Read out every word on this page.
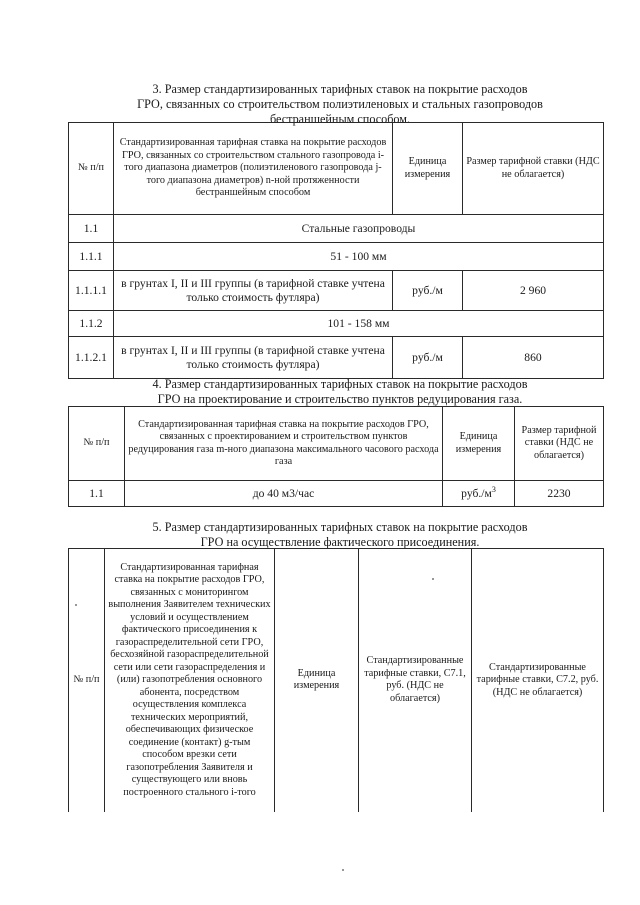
3. Размер стандартизированных тарифных ставок на покрытие расходов
ГРО, связанных со строительством полиэтиленовых и стальных газопроводов
бестраншейным способом.
№ п/п	Стандартизированная тарифная ставка на покрытие расходов ГРО, связанных со строительством стального газопровода i-того диапазона диаметров (полиэтиленового газопровода j-того диапазона диаметров) n-ной протяженности бестраншейным способом	Единица измерения	Размер тарифной ставки (НДС не облагается)
1.1	Стальные газопроводы		
1.1.1	51 - 100 мм		
1.1.1.1	в грунтах I, II и III группы (в тарифной ставке учтена только стоимость футляра)	руб./м	2 960
1.1.2	101 - 158 мм		
1.1.2.1	в грунтах I, II и III группы (в тарифной ставке учтена только стоимость футляра)	руб./м	860
4. Размер стандартизированных тарифных ставок на покрытие расходов
ГРО на проектирование и строительство пунктов редуцирования газа.
№ п/п	Стандартизированная тарифная ставка на покрытие расходов ГРО, связанных с проектированием и строительством пунктов редуцирования газа m-ного диапазона максимального часового расхода газа	Единица измерения	Размер тарифной ставки (НДС не облагается)
1.1	до 40 м3/час	$руб./м^3$	2230
5. Размер стандартизированных тарифных ставок на покрытие расходов
ГРО на осуществление фактического присоединения.
№ п/п	Стандартизированная тарифная ставка на покрытие расходов ГРО, связанных с мониторингом выполнения Заявителем технических условий и осуществлением фактического присоединения к газораспределительной сети ГРО, бесхозяйной газораспределительной сети или сети газораспределения и (или) газопотребления основного абонента, посредством осуществления комплекса технических мероприятий, обеспечивающих физическое соединение (контакт) g-тым способом врезки сети газопотребления Заявителя и существующего или вновь построенного стального i-того	Единица измерения	Стандартизированные тарифные ставки, С7.1, руб. (НДС не облагается)	Стандартизированные тарифные ставки, С7.2, руб. (НДС не облагается)
